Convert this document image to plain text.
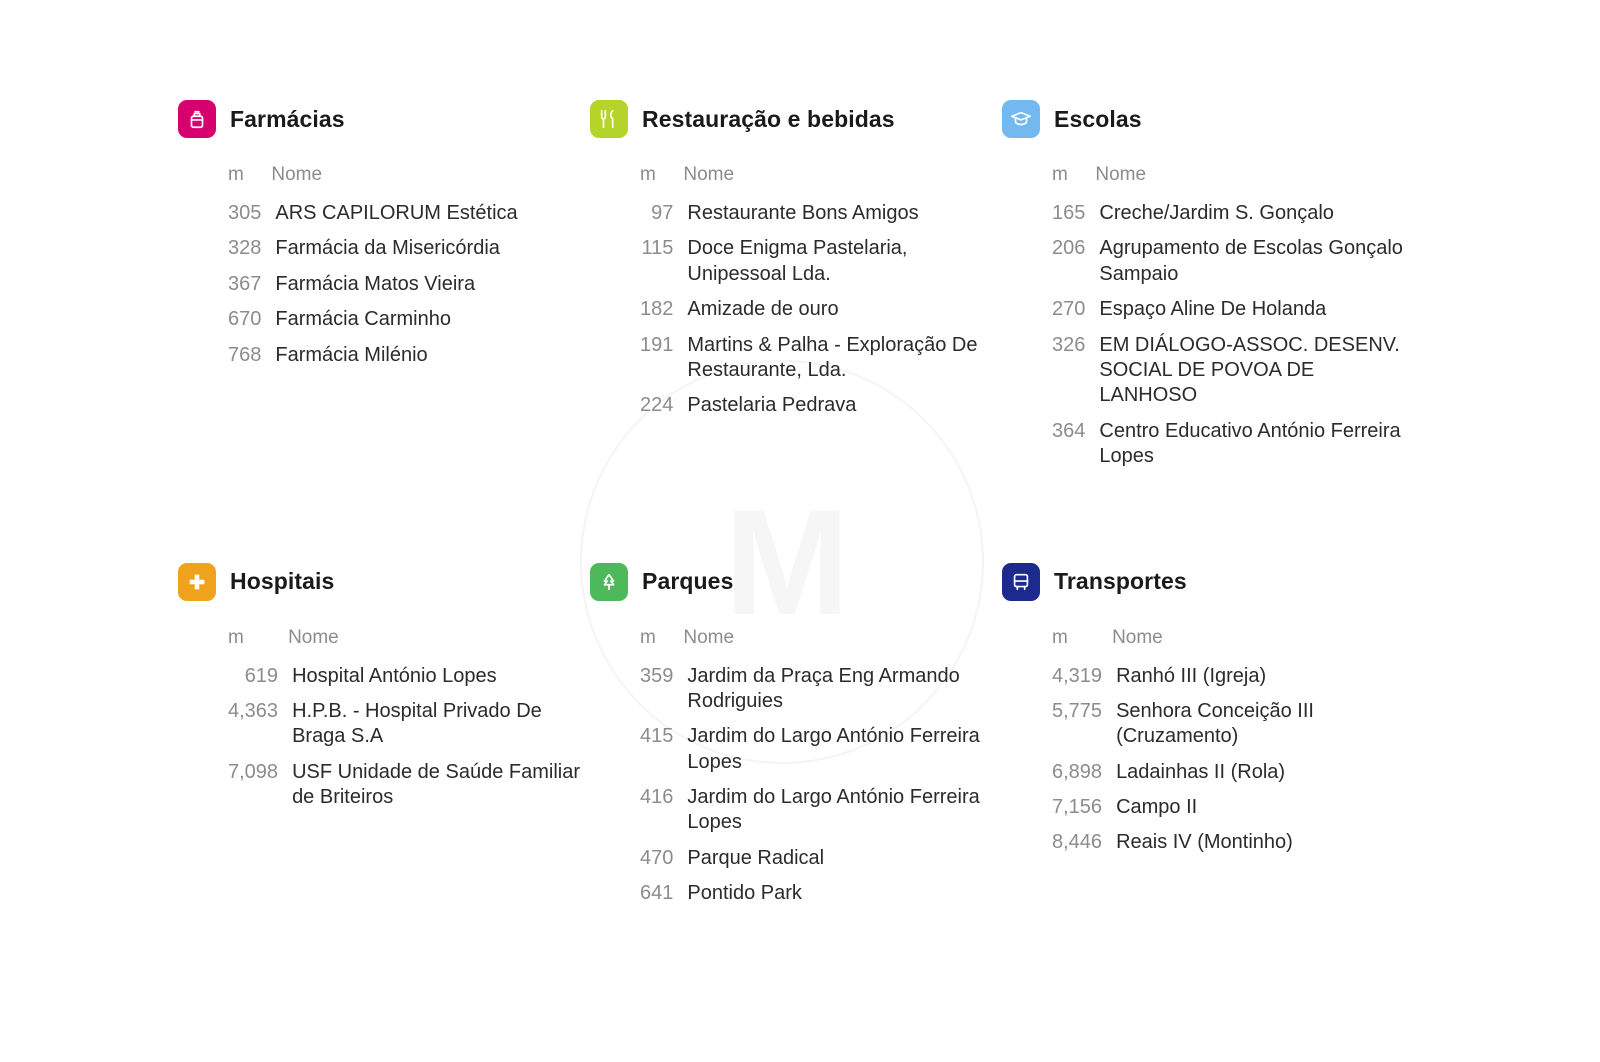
M
Farmácias
m	Nome
305	ARS CAPILORUM Estética
328	Farmácia da Misericórdia
367	Farmácia Matos Vieira
670	Farmácia Carminho
768	Farmácia Milénio
Restauração e bebidas
m	Nome
97	Restaurante Bons Amigos
115	Doce Enigma Pastelaria, Unipessoal Lda.
182	Amizade de ouro
191	Martins & Palha - Exploração De Restaurante, Lda.
224	Pastelaria Pedrava
Escolas
m	Nome
165	Creche/Jardim S. Gonçalo
206	Agrupamento de Escolas Gonçalo Sampaio
270	Espaço Aline De Holanda
326	EM DIÁLOGO-ASSOC. DESENV. SOCIAL DE POVOA DE LANHOSO
364	Centro Educativo António Ferreira Lopes
Hospitais
m	Nome
619	Hospital António Lopes
4,363	H.P.B. - Hospital Privado De Braga S.A
7,098	USF Unidade de Saúde Familiar de Briteiros
Parques
m	Nome
359	Jardim da Praça Eng Armando Rodriguies
415	Jardim do Largo António Ferreira Lopes
416	Jardim do Largo António Ferreira Lopes
470	Parque Radical
641	Pontido Park
Transportes
m	Nome
4,319	Ranhó III (Igreja)
5,775	Senhora Conceição III (Cruzamento)
6,898	Ladainhas II (Rola)
7,156	Campo II
8,446	Reais IV (Montinho)
